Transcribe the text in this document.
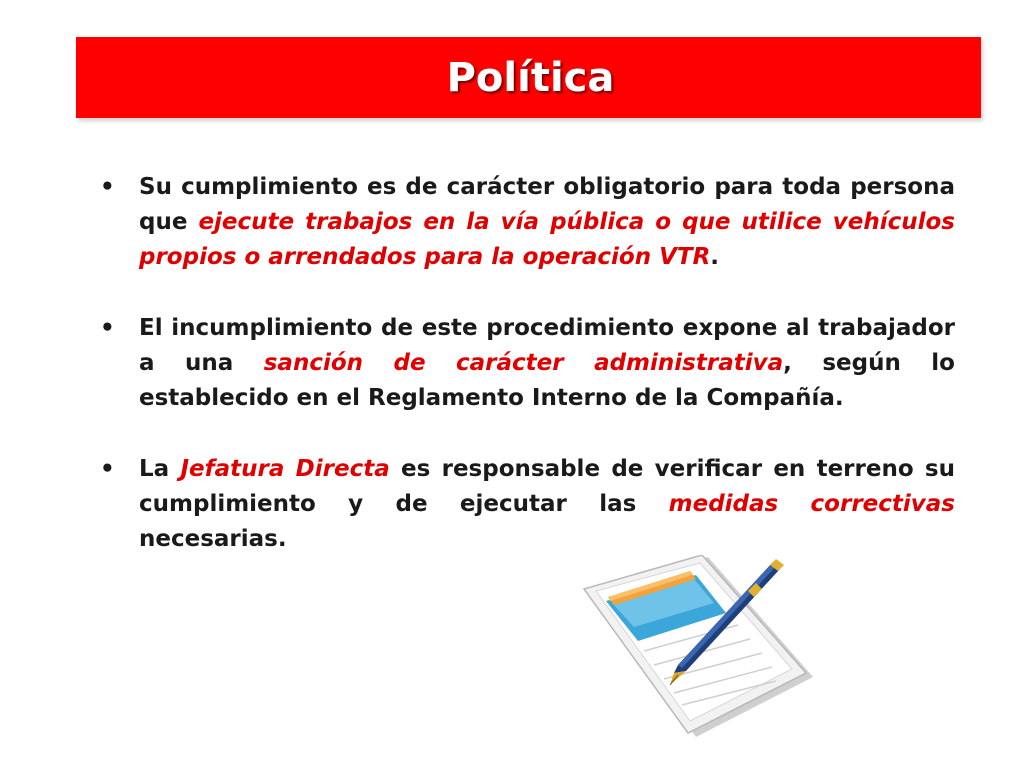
Política
• Su cumplimiento es de carácter obligatorio para toda persona que ejecute trabajos en la vía pública o que utilice vehículos propios o arrendados para la operación VTR.
• El incumplimiento de este procedimiento expone al trabajador a una sanción de carácter administrativa, según lo establecido en el Reglamento Interno de la Compañía.
• La Jefatura Directa es responsable de verificar en terreno su cumplimiento y de ejecutar las medidas correctivas necesarias.
